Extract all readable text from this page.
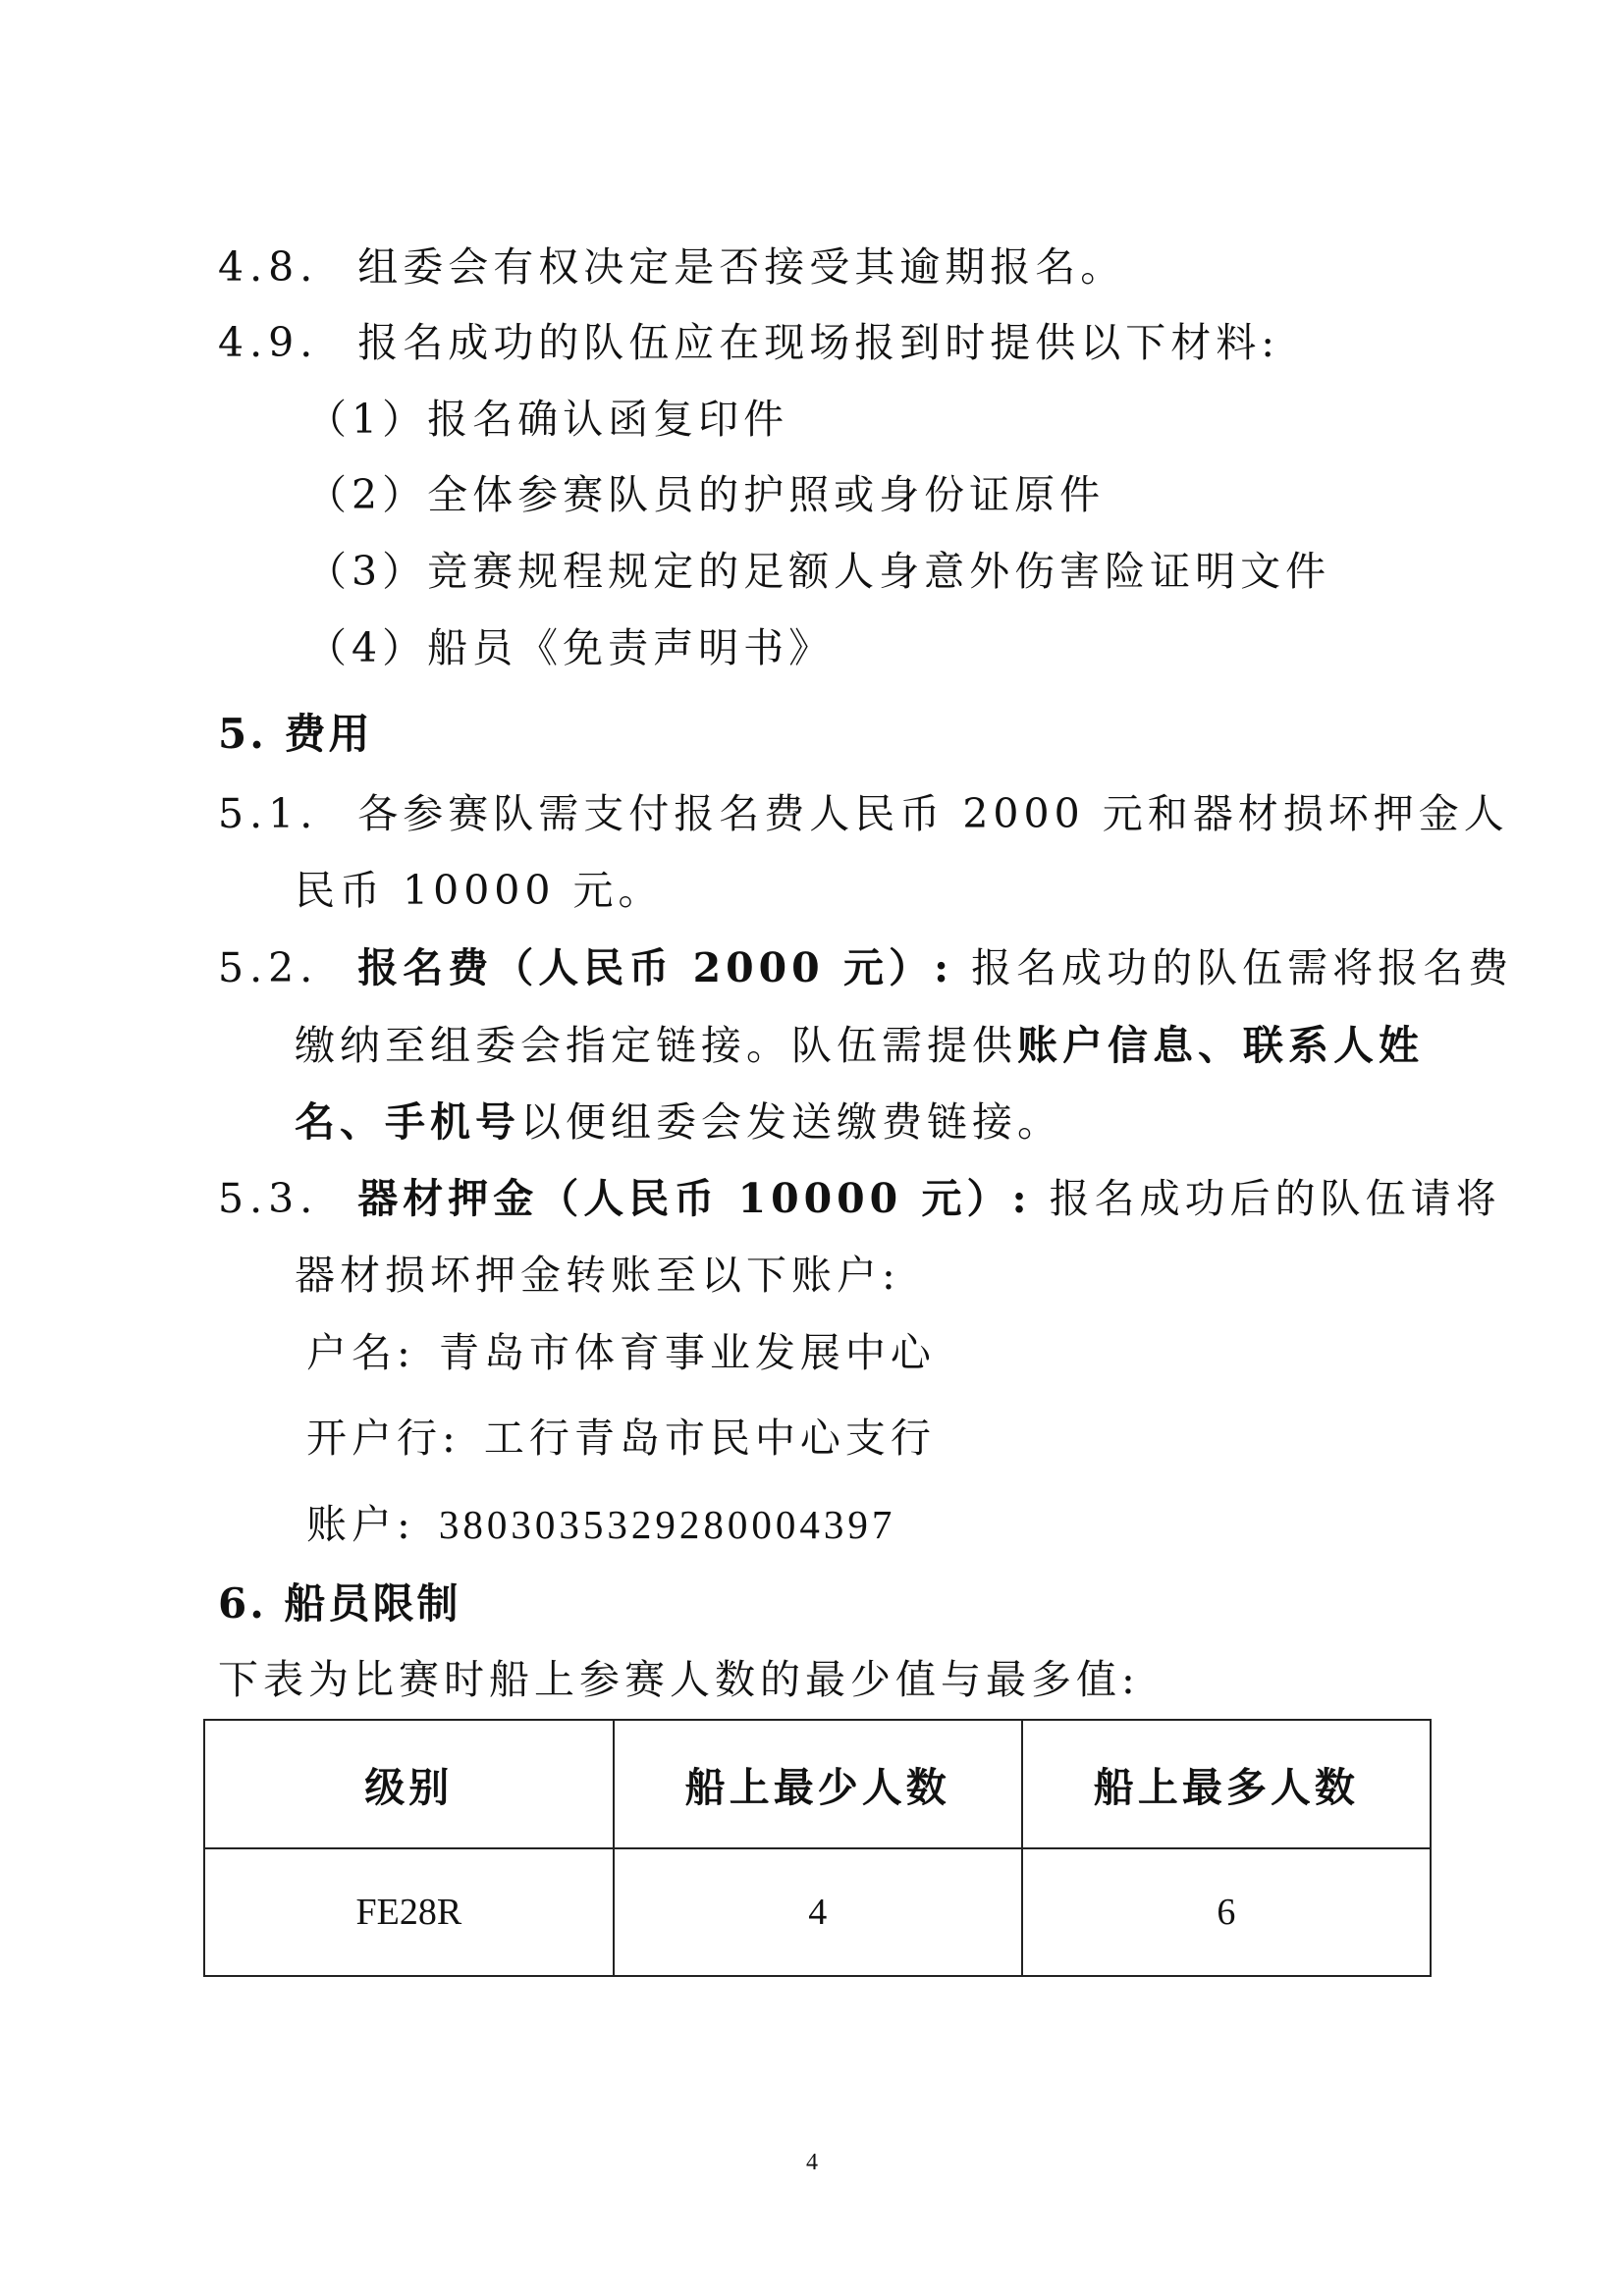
4.8. 组委会有权决定是否接受其逾期报名。
4.9. 报名成功的队伍应在现场报到时提供以下材料:
（1）报名确认函复印件
（2）全体参赛队员的护照或身份证原件
（3）竞赛规程规定的足额人身意外伤害险证明文件
（4）船员《免责声明书》
5. 费用
5.1. 各参赛队需支付报名费人民币 2000 元和器材损坏押金人
民币 10000 元。
5.2. 报名费（人民币 2000 元）: 报名成功的队伍需将报名费
缴纳至组委会指定链接。队伍需提供账户信息、联系人姓
名、手机号以便组委会发送缴费链接。
5.3. 器材押金（人民币 10000 元）: 报名成功后的队伍请将
器材损坏押金转账至以下账户:
户名: 青岛市体育事业发展中心
开户行: 工行青岛市民中心支行
账户: 3803035329280004397
6. 船员限制
下表为比赛时船上参赛人数的最少值与最多值:
级别	船上最少人数	船上最多人数
FE28R	4	6
4
